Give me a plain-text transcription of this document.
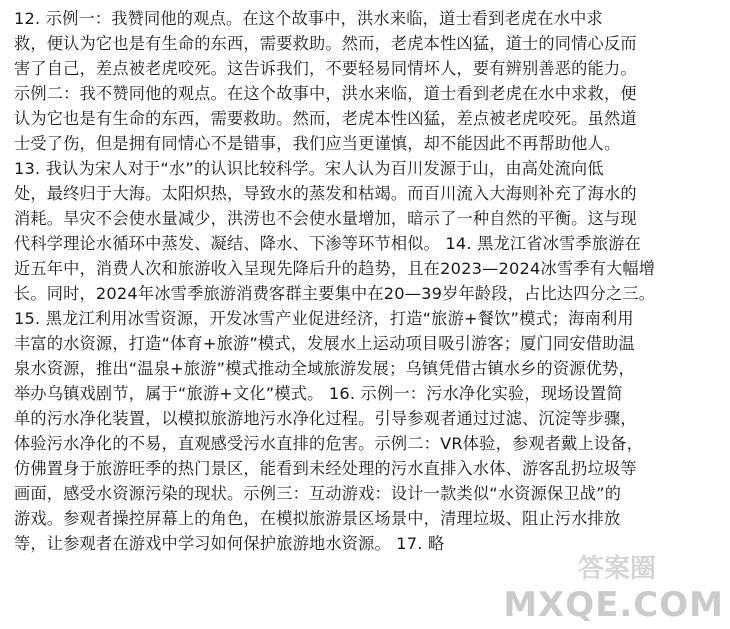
12. 示例一：我赞同他的观点。在这个故事中，洪水来临，道士看到老虎在水中求
救，便认为它也是有生命的东西，需要救助。然而，老虎本性凶猛，道士的同情心反而
害了自己，差点被老虎咬死。这告诉我们，不要轻易同情坏人，要有辨别善恶的能力。
示例二：我不赞同他的观点。在这个故事中，洪水来临，道士看到老虎在水中求救，便
认为它也是有生命的东西，需要救助。然而，老虎本性凶猛，差点被老虎咬死。虽然道
士受了伤，但是拥有同情心不是错事，我们应当更谨慎，却不能因此不再帮助他人。
13. 我认为宋人对于“水”的认识比较科学。宋人认为百川发源于山，由高处流向低
处，最终归于大海。太阳炽热，导致水的蒸发和枯竭。而百川流入大海则补充了海水的
消耗。旱灾不会使水量减少，洪涝也不会使水量增加，暗示了一种自然的平衡。这与现
代科学理论水循环中蒸发、凝结、降水、下渗等环节相似。 14. 黑龙江省冰雪季旅游在
近五年中，消费人次和旅游收入呈现先降后升的趋势，且在2023—2024冰雪季有大幅增
长。同时，2024年冰雪季旅游消费客群主要集中在20—39岁年龄段，占比达四分之三。
15. 黑龙江利用冰雪资源，开发冰雪产业促进经济，打造“旅游+餐饮”模式；海南利用
丰富的水资源，打造“体育+旅游”模式，发展水上运动项目吸引游客；厦门同安借助温
泉水资源，推出“温泉+旅游”模式推动全域旅游发展；乌镇凭借古镇水乡的资源优势，
举办乌镇戏剧节，属于“旅游+文化”模式。 16. 示例一：污水净化实验，现场设置简
单的污水净化装置，以模拟旅游地污水净化过程。引导参观者通过过滤、沉淀等步骤，
体验污水净化的不易，直观感受污水直排的危害。示例二：VR体验，参观者戴上设备，
仿佛置身于旅游旺季的热门景区，能看到未经处理的污水直排入水体、游客乱扔垃圾等
画面，感受水资源污染的现状。示例三：互动游戏：设计一款类似“水资源保卫战”的
游戏。参观者操控屏幕上的角色，在模拟旅游景区场景中，清理垃圾、阻止污水排放
等，让参观者在游戏中学习如何保护旅游地水资源。 17. 略
答案圈
MXQE.COM
